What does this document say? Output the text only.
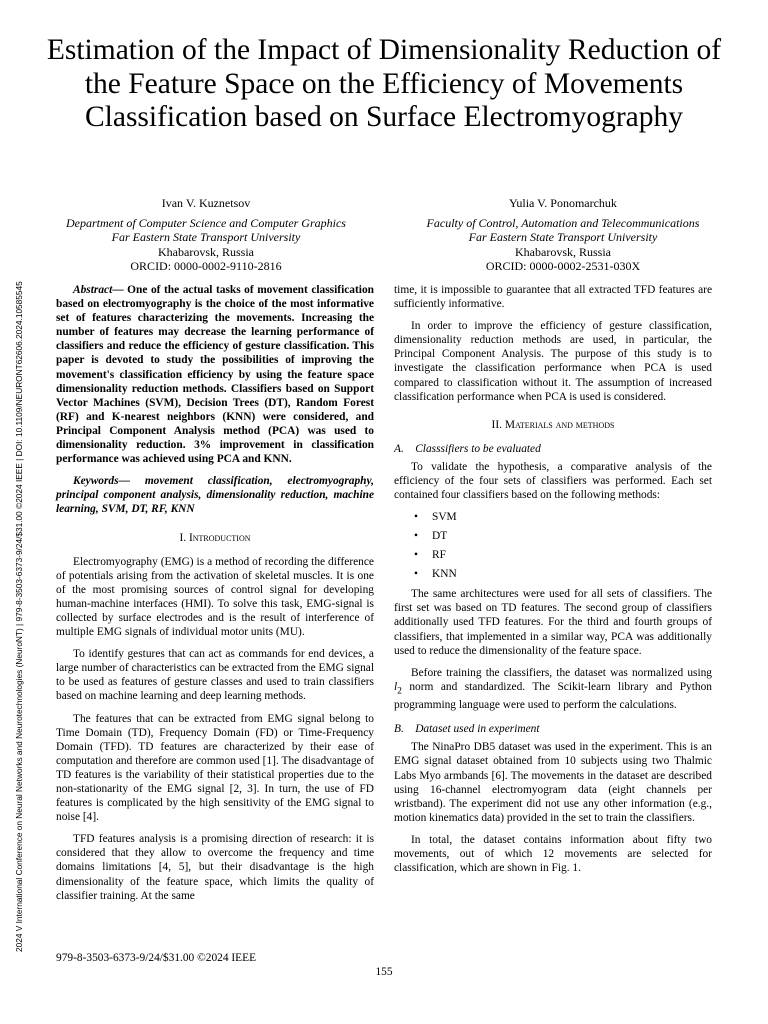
2024 V International Conference on Neural Networks and Neurotechnologies (NeuroNT) | 979-8-3503-6373-9/24/$31.00 ©2024 IEEE | DOI: 10.1109/NEURONT62606.2024.10585545
Estimation of the Impact of Dimensionality Reduction of the Feature Space on the Efficiency of Movements Classification based on Surface Electromyography
Ivan V. Kuznetsov
Department of Computer Science and Computer Graphics
Far Eastern State Transport University
Khabarovsk, Russia
ORCID: 0000-0002-9110-2816
Yulia V. Ponomarchuk
Faculty of Control, Automation and Telecommunications
Far Eastern State Transport University
Khabarovsk, Russia
ORCID: 0000-0002-2531-030X

Abstract— One of the actual tasks of movement classification based on electromyography is the choice of the most informative set of features characterizing the movements. Increasing the number of features may decrease the learning performance of classifiers and reduce the efficiency of gesture classification. This paper is devoted to study the possibilities of improving the movement's classification efficiency by using the feature space dimensionality reduction methods. Classifiers based on Support Vector Machines (SVM), Decision Trees (DT), Random Forest (RF) and K-nearest neighbors (KNN) were considered, and Principal Component Analysis method (PCA) was used to dimensionality reduction. 3% improvement in classification performance was achieved using PCA and KNN.

Keywords— movement classification, electromyography, principal component analysis, dimensionality reduction, machine learning, SVM, DT, RF, KNN

I. Introduction

Electromyography (EMG) is a method of recording the difference of potentials arising from the activation of skeletal muscles. It is one of the most promising sources of control signal for developing human-machine interfaces (HMI). To solve this task, EMG-signal is collected by surface electrodes and is the result of interference of multiple EMG signals of individual motor units (MU).

To identify gestures that can act as commands for end devices, a large number of characteristics can be extracted from the EMG signal to be used as features of gesture classes and used to train classifiers based on machine learning and deep learning methods.

The features that can be extracted from EMG signal belong to Time Domain (TD), Frequency Domain (FD) or Time-Frequency Domain (TFD). TD features are characterized by their ease of computation and therefore are common used [1]. The disadvantage of TD features is the variability of their statistical properties due to the non-stationarity of the EMG signal [2, 3]. In turn, the use of FD features is complicated by the high sensitivity of the EMG signal to noise [4].

TFD features analysis is a promising direction of research: it is considered that they allow to overcome the frequency and time domains limitations [4, 5], but their disadvantage is the high dimensionality of the feature space, which limits the quality of classifier training. At the same

time, it is impossible to guarantee that all extracted TFD features are sufficiently informative.

In order to improve the efficiency of gesture classification, dimensionality reduction methods are used, in particular, the Principal Component Analysis. The purpose of this study is to investigate the classification performance when PCA is used compared to classification without it. The assumption of increased classification performance when PCA is used is considered.

II. Materials and methods
A.    Classsifiers to be evaluated

To validate the hypothesis, a comparative analysis of the efficiency of the four sets of classifiers was performed. Each set contained four classifiers based on the following methods:

• SVM
• DT
• RF
• KNN

The same architectures were used for all sets of classifiers. The first set was based on TD features. The second group of classifiers additionally used TFD features. For the third and fourth groups of classifiers, that implemented in a similar way, PCA was additionally used to reduce the dimensionality of the feature space.

Before training the classifiers, the dataset was normalized using $l_2$ norm and standardized. The Scikit-learn library and Python programming language were used to perform the calculations.

B.    Dataset used in experiment

The NinaPro DB5 dataset was used in the experiment. This is an EMG signal dataset obtained from 10 subjects using two Thalmic Labs Myo armbands [6]. The movements in the dataset are described using 16-channel electromyogram data (eight channels per wristband). The experiment did not use any other information (e.g., motion kinematics data) provided in the set to train the classifiers.

In total, the dataset contains information about fifty two movements, out of which 12 movements are selected for classification, which are shown in Fig. 1.

979-8-3503-6373-9/24/$31.00 ©2024 IEEE
155
